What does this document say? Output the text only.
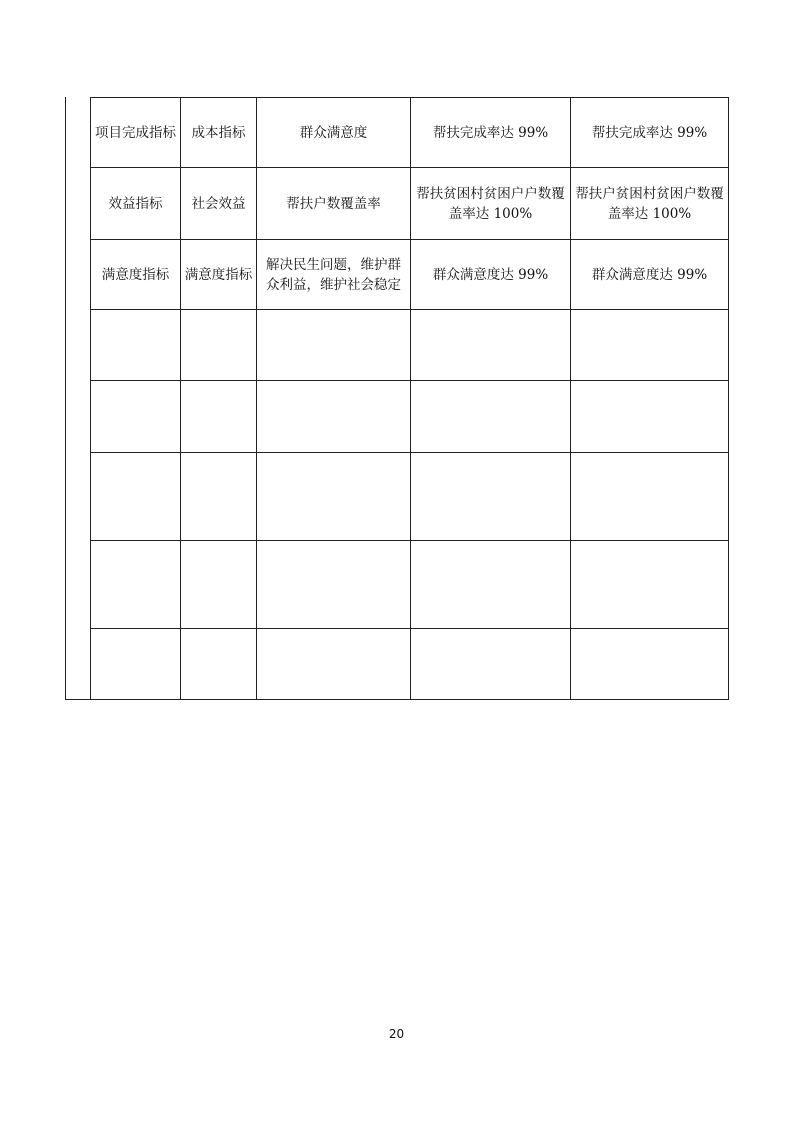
项目完成指标	成本指标	群众满意度	帮扶完成率达 99%	帮扶完成率达 99%
效益指标	社会效益	帮扶户数覆盖率	帮扶贫困村贫困户户数覆盖率达 100%	帮扶户贫困村贫困户数覆盖率达 100%
满意度指标	满意度指标	解决民生问题，维护群众利益，维护社会稳定	群众满意度达 99%	群众满意度达 99%

20
